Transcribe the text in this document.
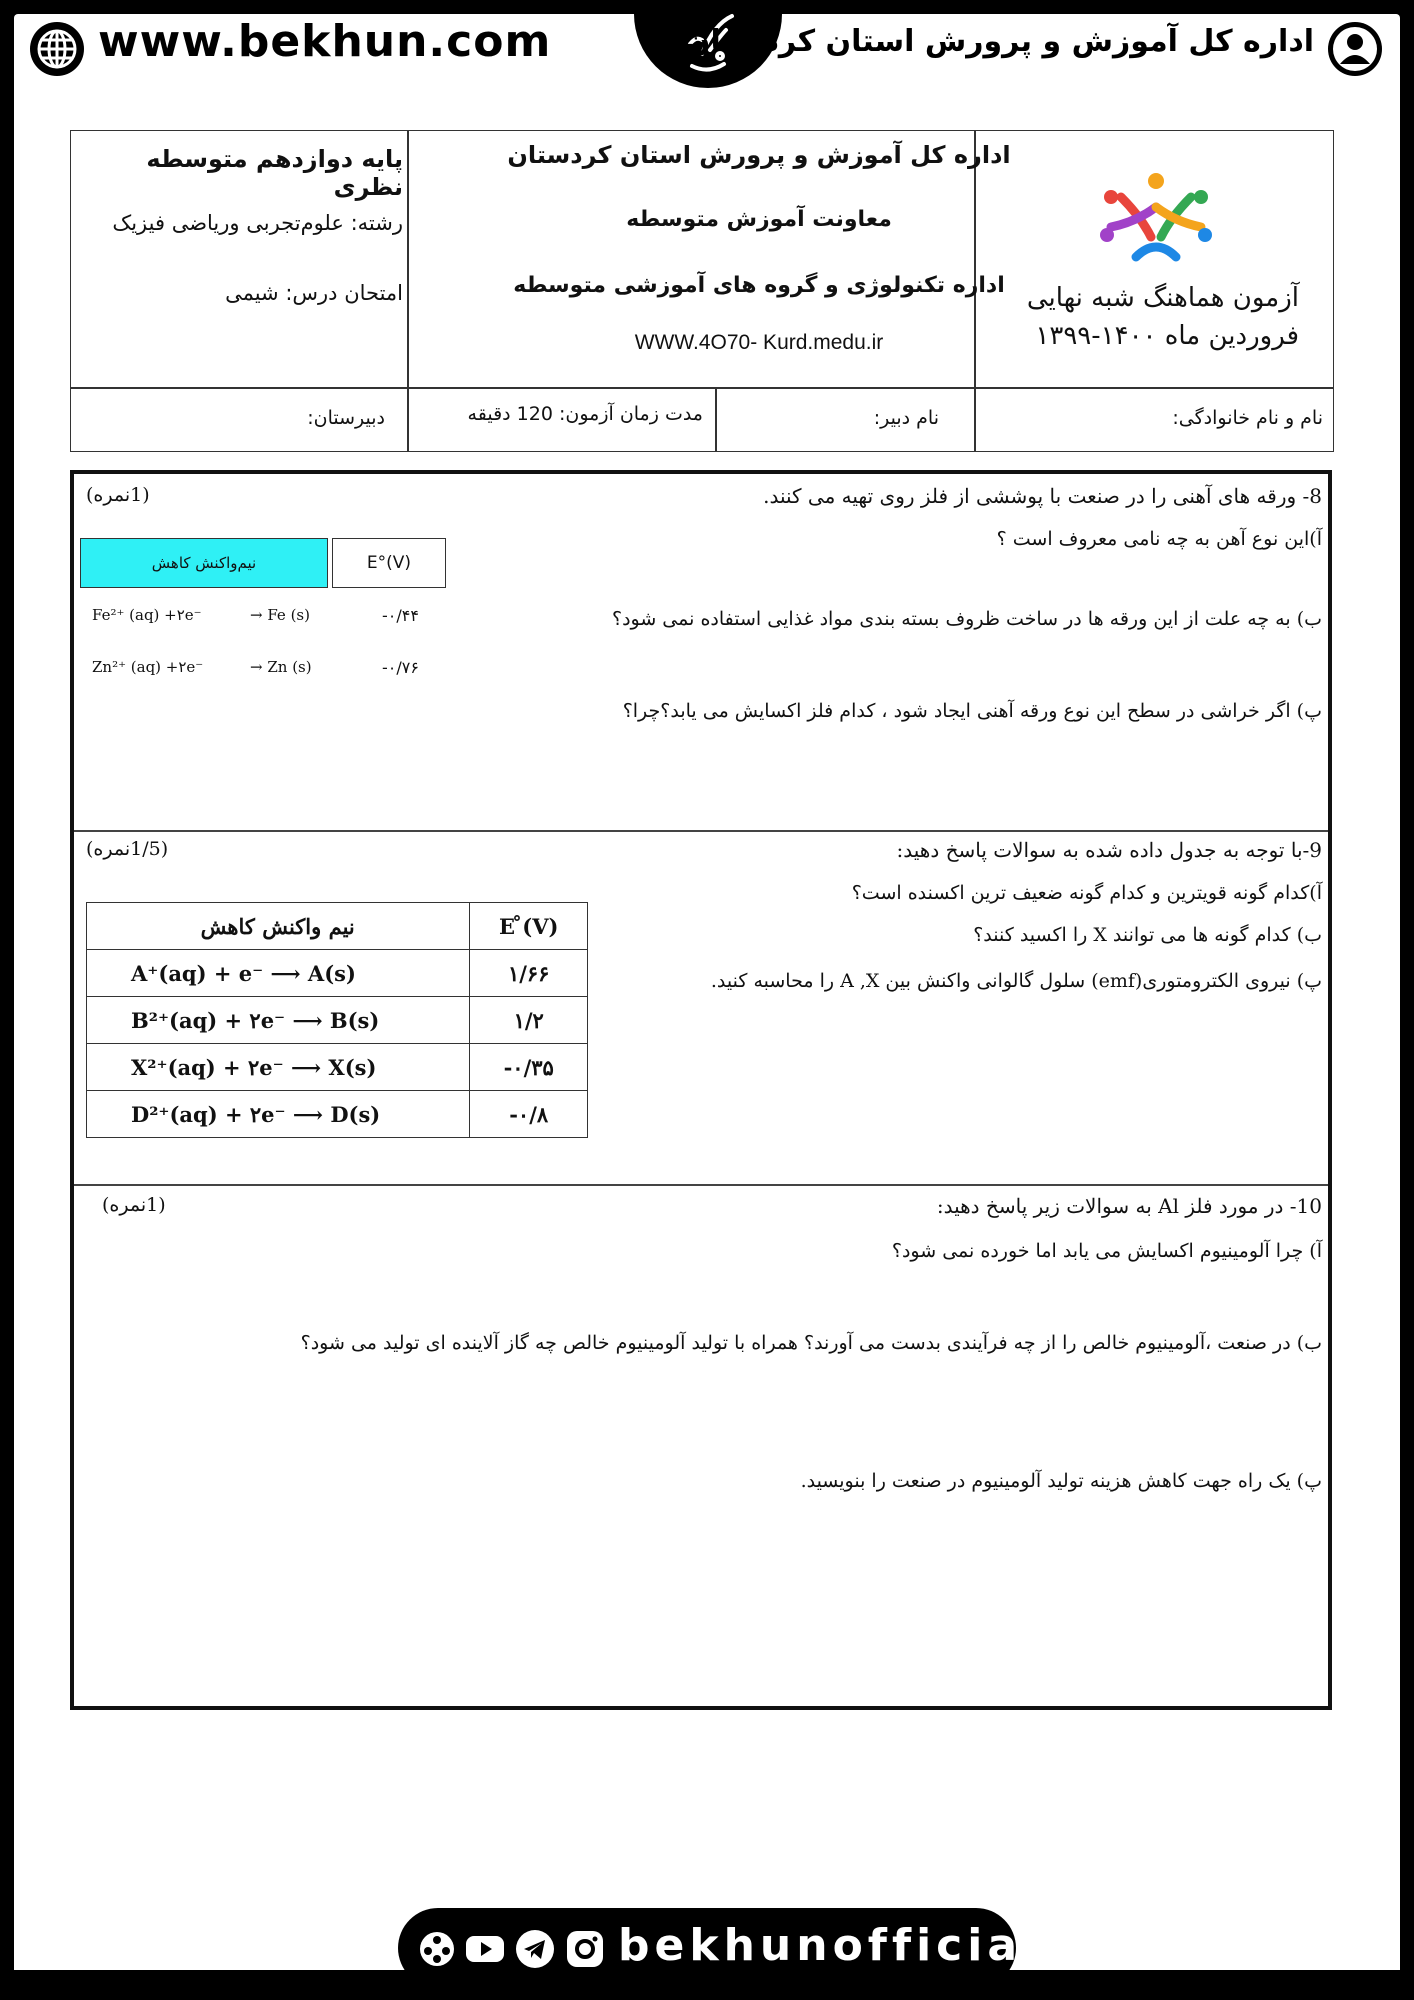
www.bekhun.com	اداره کل آموزش و پرورش استان کردستان
پایه دوازدهم متوسطه نظری
رشته: علوم‌تجربی وریاضی فیزیک
امتحان درس: شیمی
اداره کل آموزش و پرورش استان کردستان
معاونت آموزش متوسطه
اداره تکنولوژی و گروه های آموزشی متوسطه
WWW.4O70- Kurd.medu.ir
آزمون هماهنگ شبه نهایی
فروردین ماه ۱۴۰۰-۱۳۹۹
نام و نام خانوادگی:
نام دبیر:
مدت زمان آزمون: 120 دقیقه
دبیرستان:
8- ورقه های آهنی را در صنعت با پوششی از فلز روی تهیه می کنند.
(1نمره)
آ)این نوع آهن به چه نامی معروف است ؟
ب) به چه علت از این ورقه ها در ساخت ظروف بسته بندی مواد غذایی استفاده نمی شود؟
پ) اگر خراشی در سطح این نوع ورقه آهنی ایجاد شود ، کدام فلز اکسایش می یابد؟چرا؟
نیم‌واکنش کاهش	E°(V)
Fe²⁺ (aq) +۲e⁻	→ Fe (s)	-۰/۴۴
Zn²⁺ (aq) +۲e⁻	→ Zn (s)	-۰/۷۶
9-با توجه به جدول داده شده به سوالات پاسخ دهید:
(1/5نمره)
آ)کدام گونه قویترین و کدام گونه ضعیف ترین اکسنده است؟
ب) کدام گونه ها می توانند X را اکسید کنند؟
پ) نیروی الکترومتوری(emf) سلول گالوانی واکنش بین A ,X را محاسبه کنید.
نیم واکنش کاهش	E ̊(V)
A⁺(aq) + e⁻ ⟶ A(s)	۱/۶۶
B²⁺(aq) + ۲e⁻ ⟶ B(s)	۱/۲
X²⁺(aq) + ۲e⁻ ⟶ X(s)	-۰/۳۵
D²⁺(aq) + ۲e⁻ ⟶ D(s)	-۰/۸
10- در مورد فلز Al به سوالات زیر پاسخ دهید:
(1نمره)
آ) چرا آلومینیوم اکسایش می یابد اما خورده نمی شود؟
ب) در صنعت ،آلومینیوم خالص را از چه فرآیندی بدست می آورند؟ همراه با تولید آلومینیوم خالص چه گاز آلاینده ای تولید می شود؟
پ) یک راه جهت کاهش هزینه تولید آلومینیوم در صنعت را بنویسید.
bekhunofficial
